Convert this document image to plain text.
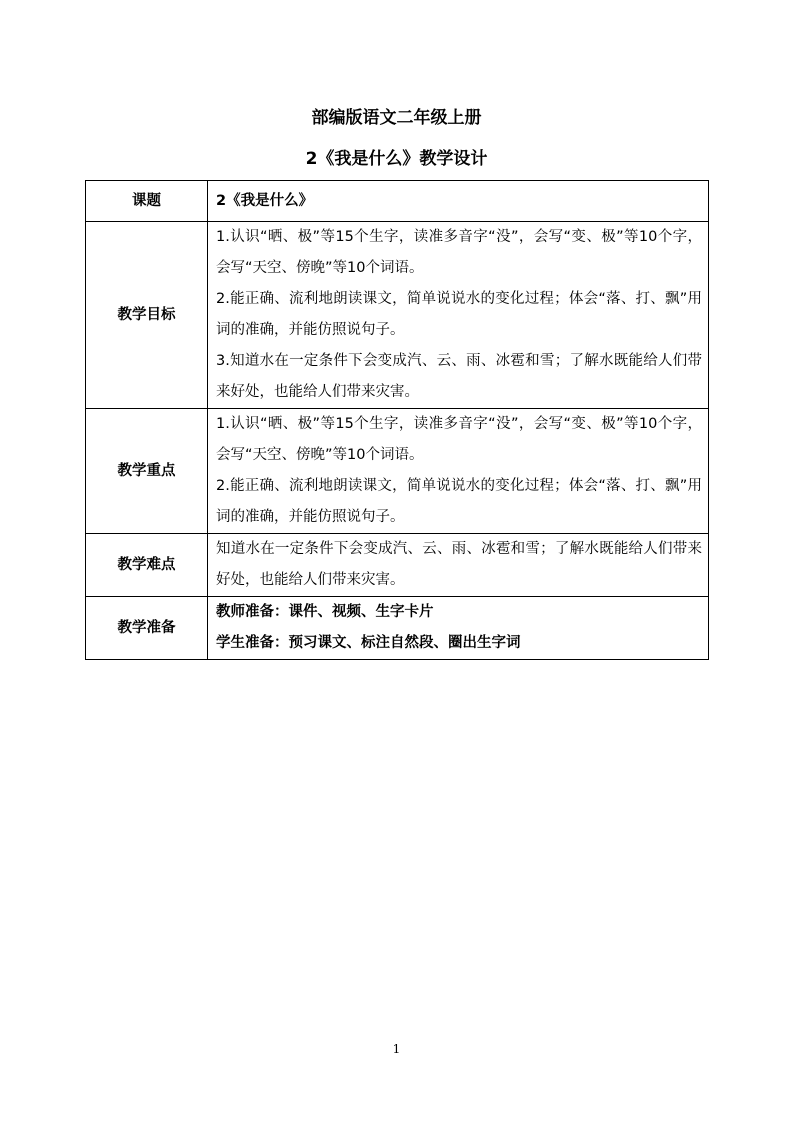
部编版语文二年级上册
2《我是什么》教学设计
课题	2《我是什么》
教学目标	1.认识“晒、极”等15个生字，读准多音字“没”，会写“变、极”等10个字，会写“天空、傍晚”等10个词语。

2.能正确、流利地朗读课文，简单说说水的变化过程；体会“落、打、飘”用词的准确，并能仿照说句子。

3.知道水在一定条件下会变成汽、云、雨、冰雹和雪；了解水既能给人们带来好处，也能给人们带来灾害。

教学重点	1.认识“晒、极”等15个生字，读准多音字“没”，会写“变、极”等10个字，会写“天空、傍晚”等10个词语。

2.能正确、流利地朗读课文，简单说说水的变化过程；体会“落、打、飘”用词的准确，并能仿照说句子。

教学难点	知道水在一定条件下会变成汽、云、雨、冰雹和雪；了解水既能给人们带来好处，也能给人们带来灾害。

教学准备	教师准备：课件、视频、生字卡片

学生准备：预习课文、标注自然段、圈出生字词

1
